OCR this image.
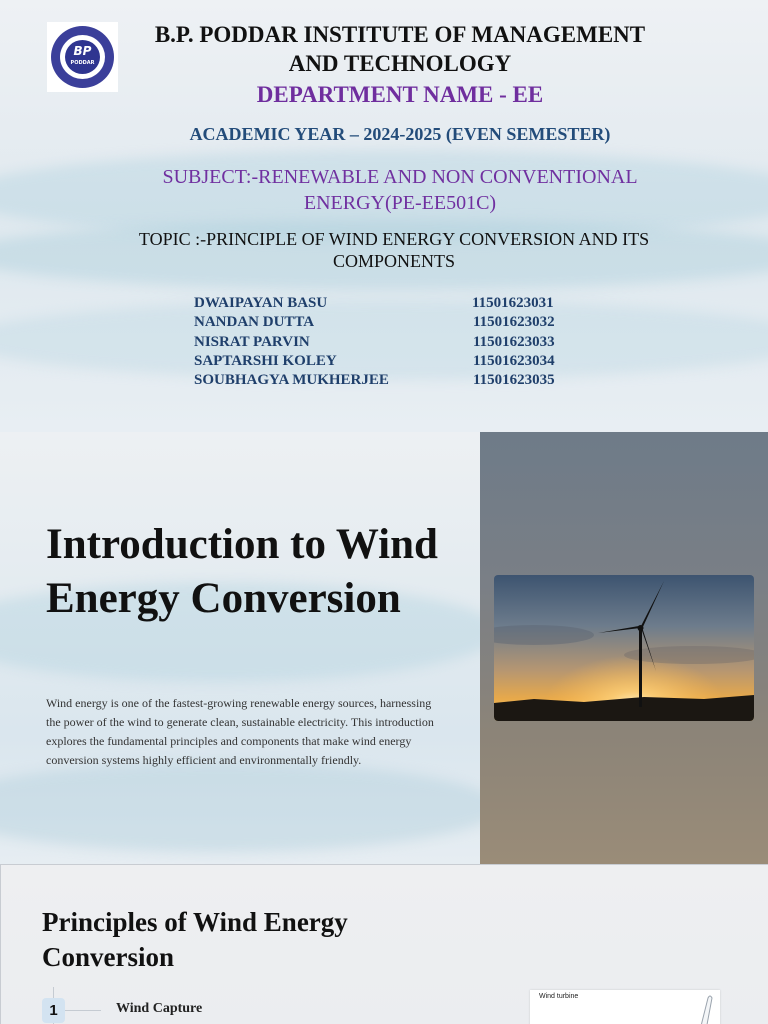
BP
PODDAR
B.P. PODDAR INSTITUTE OF MANAGEMENT
AND TECHNOLOGY
DEPARTMENT NAME - EE
ACADEMIC YEAR – 2024-2025 (EVEN SEMESTER)
SUBJECT:-RENEWABLE AND NON CONVENTIONAL
ENERGY(PE-EE501C)
TOPIC :-PRINCIPLE OF WIND ENERGY CONVERSION AND ITS
COMPONENTS
DWAIPAYAN BASU	11501623031
NANDAN DUTTA	11501623032
NISRAT PARVIN	11501623033
SAPTARSHI KOLEY	11501623034
SOUBHAGYA MUKHERJEE	11501623035
Introduction to Wind
Energy Conversion
Wind energy is one of the fastest-growing renewable energy sources, harnessing the power of the wind to generate clean, sustainable electricity. This introduction explores the fundamental principles and components that make wind energy conversion systems highly efficient and environmentally friendly.
Principles of Wind Energy
Conversion
1	Wind Capture
Wind turbine
